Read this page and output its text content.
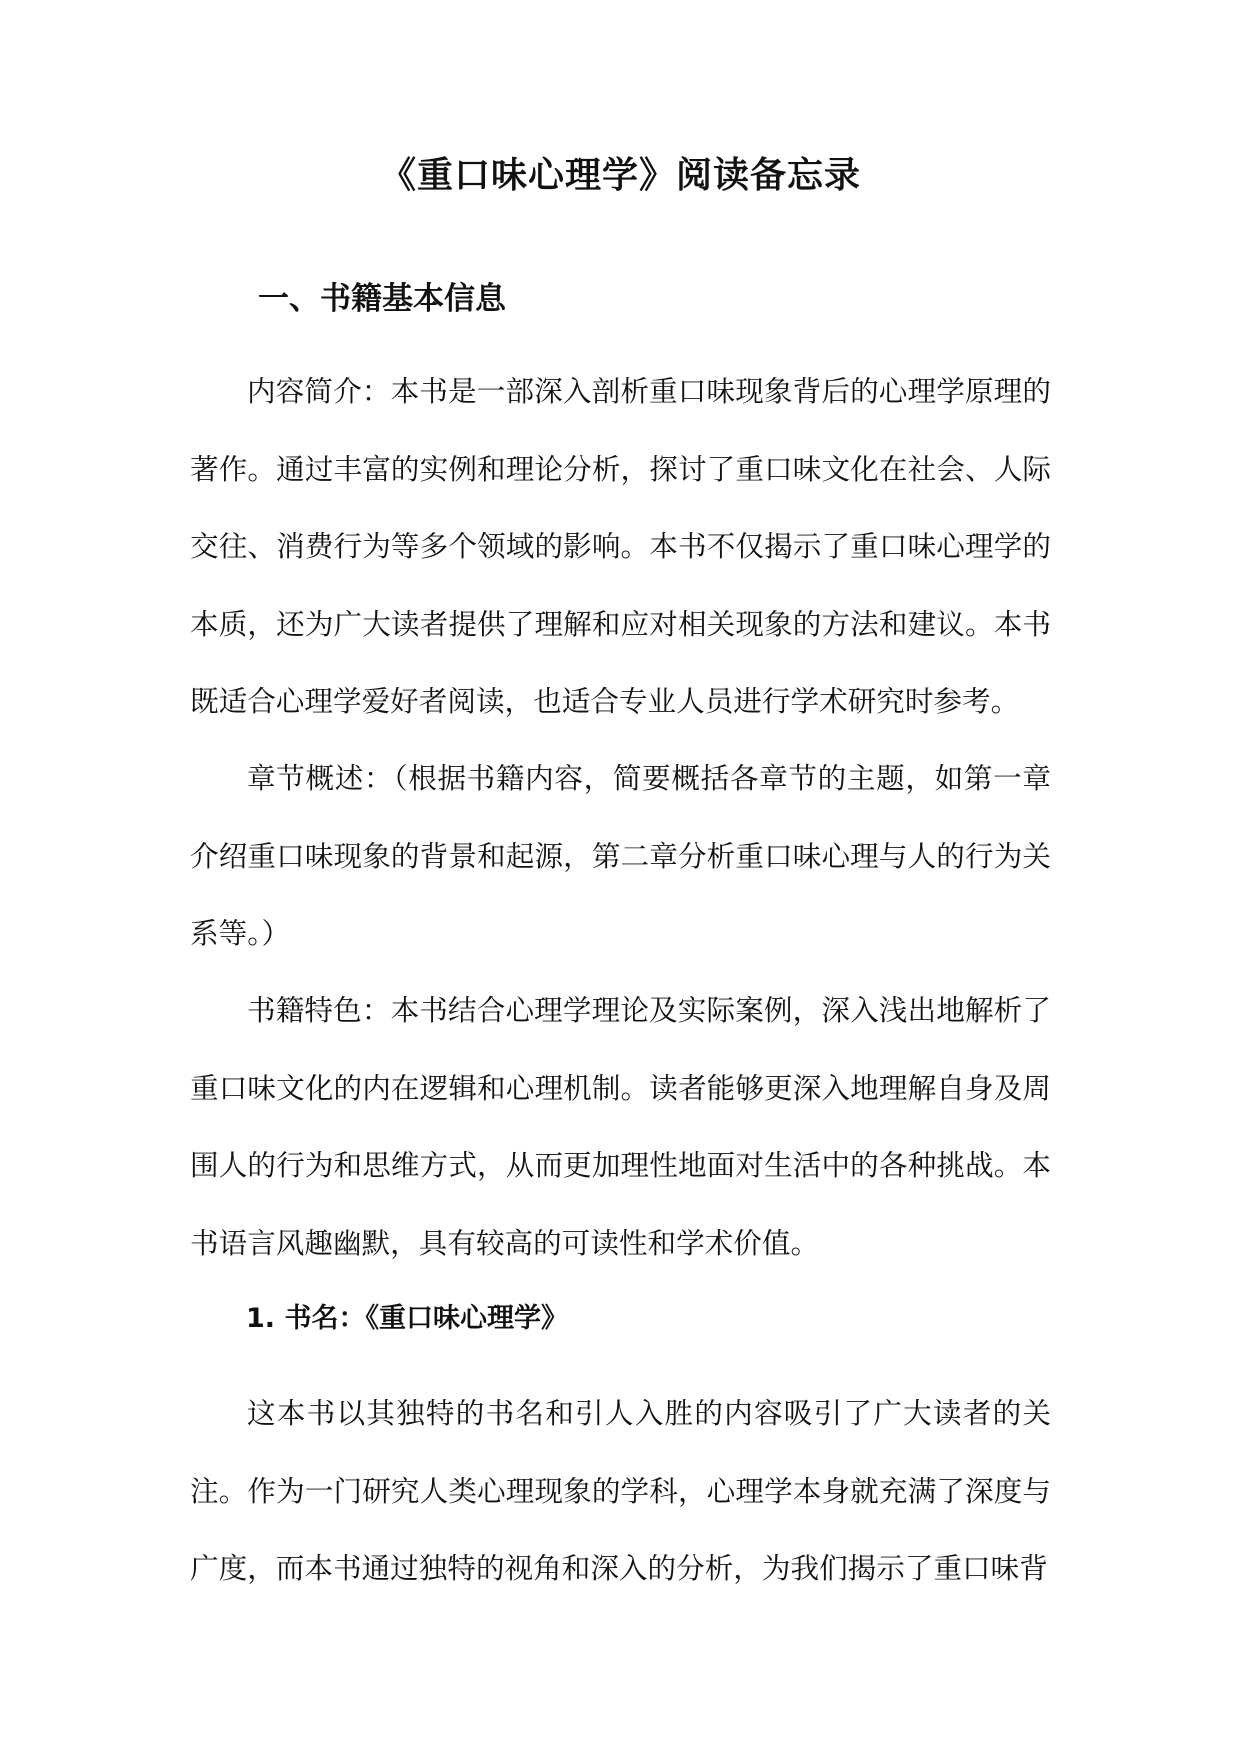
《重口味心理学》阅读备忘录
一、书籍基本信息

内容简介：本书是一部深入剖析重口味现象背后的心理学原理的著作。通过丰富的实例和理论分析，探讨了重口味文化在社会、人际交往、消费行为等多个领域的影响。本书不仅揭示了重口味心理学的本质，还为广大读者提供了理解和应对相关现象的方法和建议。本书既适合心理学爱好者阅读，也适合专业人员进行学术研究时参考。

章节概述：（根据书籍内容，简要概括各章节的主题，如第一章介绍重口味现象的背景和起源，第二章分析重口味心理与人的行为关系等。）

书籍特色：本书结合心理学理论及实际案例，深入浅出地解析了重口味文化的内在逻辑和心理机制。读者能够更深入地理解自身及周围人的行为和思维方式，从而更加理性地面对生活中的各种挑战。本书语言风趣幽默，具有较高的可读性和学术价值。

1. 书名：《重口味心理学》

这本书以其独特的书名和引人入胜的内容吸引了广大读者的关注。作为一门研究人类心理现象的学科，心理学本身就充满了深度与广度，而本书通过独特的视角和深入的分析，为我们揭示了重口味背
